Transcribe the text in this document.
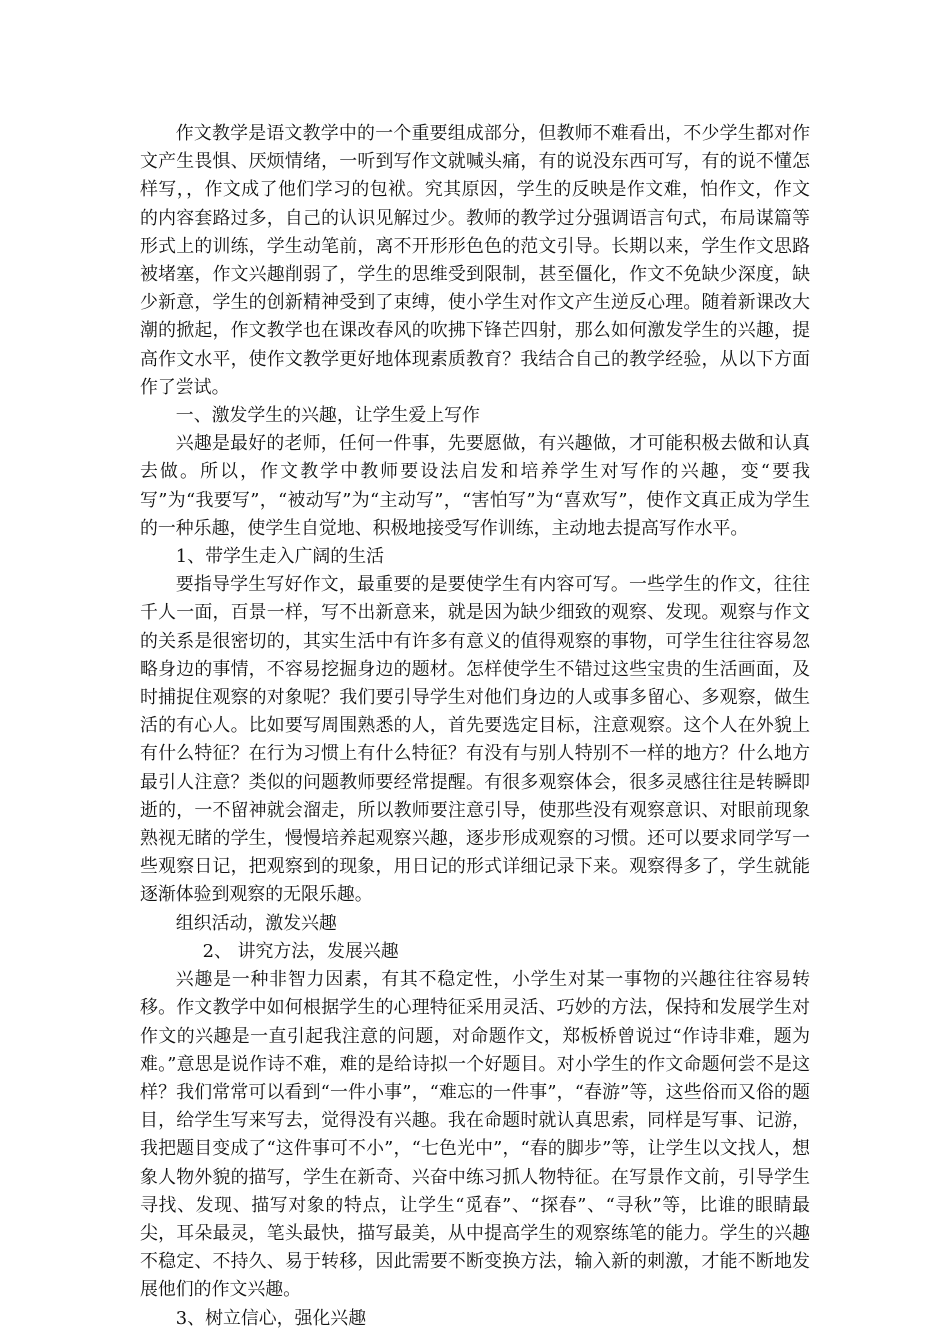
作文教学是语文教学中的一个重要组成部分，但教师不难看出，不少学生都对作文产生畏惧、厌烦情绪，一听到写作文就喊头痛，有的说没东西可写，有的说不懂怎样写，，作文成了他们学习的包袱。究其原因，学生的反映是作文难，怕作文，作文的内容套路过多，自己的认识见解过少。教师的教学过分强调语言句式，布局谋篇等形式上的训练，学生动笔前，离不开形形色色的范文引导。长期以来，学生作文思路被堵塞，作文兴趣削弱了，学生的思维受到限制，甚至僵化，作文不免缺少深度，缺少新意，学生的创新精神受到了束缚，使小学生对作文产生逆反心理。随着新课改大潮的掀起，作文教学也在课改春风的吹拂下锋芒四射，那么如何激发学生的兴趣，提高作文水平，使作文教学更好地体现素质教育？我结合自己的教学经验，从以下方面作了尝试。

一、激发学生的兴趣，让学生爱上写作

兴趣是最好的老师，任何一件事，先要愿做，有兴趣做，才可能积极去做和认真去做。所以，作文教学中教师要设法启发和培养学生对写作的兴趣，变“要我写”为“我要写”，“被动写”为“主动写”，“害怕写”为“喜欢写”，使作文真正成为学生的一种乐趣，使学生自觉地、积极地接受写作训练，主动地去提高写作水平。

1、带学生走入广阔的生活

要指导学生写好作文，最重要的是要使学生有内容可写。一些学生的作文，往往千人一面，百景一样，写不出新意来，就是因为缺少细致的观察、发现。观察与作文的关系是很密切的，其实生活中有许多有意义的值得观察的事物，可学生往往容易忽略身边的事情，不容易挖掘身边的题材。怎样使学生不错过这些宝贵的生活画面，及时捕捉住观察的对象呢？我们要引导学生对他们身边的人或事多留心、多观察，做生活的有心人。比如要写周围熟悉的人，首先要选定目标，注意观察。这个人在外貌上有什么特征？在行为习惯上有什么特征？有没有与别人特别不一样的地方？什么地方最引人注意？类似的问题教师要经常提醒。有很多观察体会，很多灵感往往是转瞬即逝的，一不留神就会溜走，所以教师要注意引导，使那些没有观察意识、对眼前现象熟视无睹的学生，慢慢培养起观察兴趣，逐步形成观察的习惯。还可以要求同学写一些观察日记，把观察到的现象，用日记的形式详细记录下来。观察得多了，学生就能逐渐体验到观察的无限乐趣。

组织活动，激发兴趣

2、 讲究方法，发展兴趣

兴趣是一种非智力因素，有其不稳定性，小学生对某一事物的兴趣往往容易转移。作文教学中如何根据学生的心理特征采用灵活、巧妙的方法，保持和发展学生对作文的兴趣是一直引起我注意的问题，对命题作文，郑板桥曾说过“作诗非难，题为难。”意思是说作诗不难，难的是给诗拟一个好题目。对小学生的作文命题何尝不是这样？我们常常可以看到“一件小事”，“难忘的一件事”，“春游”等，这些俗而又俗的题目，给学生写来写去，觉得没有兴趣。我在命题时就认真思索，同样是写事、记游，我把题目变成了“这件事可不小”，“七色光中”，“春的脚步”等，让学生以文找人，想象人物外貌的描写，学生在新奇、兴奋中练习抓人物特征。在写景作文前，引导学生寻找、发现、描写对象的特点，让学生“觅春”、“探春”、“寻秋”等，比谁的眼睛最尖，耳朵最灵，笔头最快，描写最美，从中提高学生的观察练笔的能力。学生的兴趣不稳定、不持久、易于转移，因此需要不断变换方法，输入新的刺激，才能不断地发展他们的作文兴趣。

3、树立信心，强化兴趣
